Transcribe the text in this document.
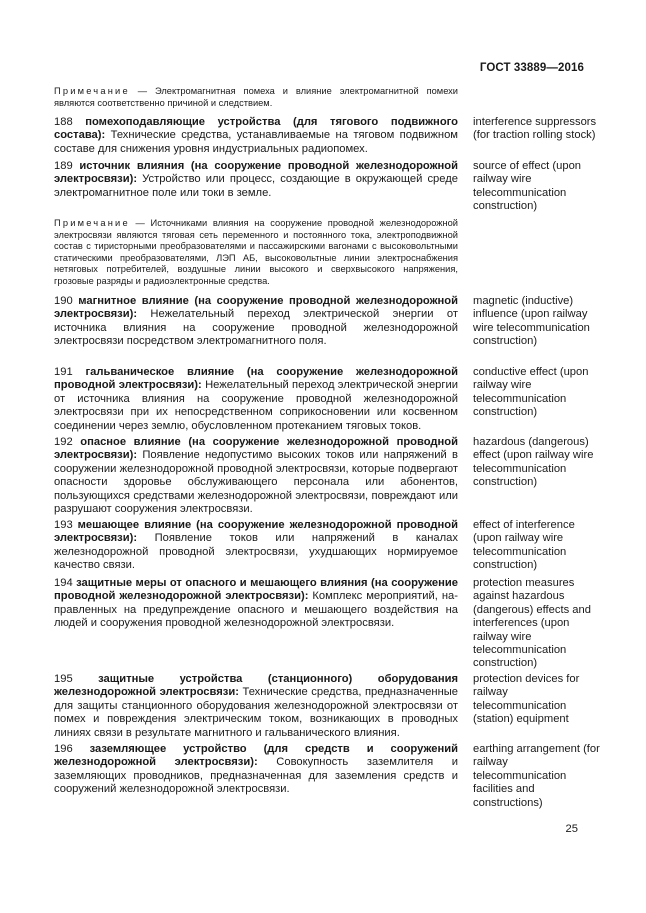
ГОСТ 33889—2016
Примечание — Электромагнитная помеха и влияние электромагнитной помехи являются соответственно причиной и следствием.
188 помехоподавляющие устройства (для тягового подвижного состава): Технические средства, устанавливаемые на тяговом подвижном составе для снижения уровня индустриальных радиопомех.
interference suppressors (for traction rolling stock)
189 источник влияния (на сооружение проводной железнодорожной электросвязи): Устройство или процесс, создающие в окружающей среде электромагнитное поле или токи в земле.
source of effect (upon railway wire telecommunication construction)
Примечание — Источниками влияния на сооружение проводной железнодорожной электросвязи являются тяговая сеть переменного и постоянного тока, электроподвижной состав с тиристорными преобразователями и пассажирскими вагонами с высоковольтными статическими преобразователями, ЛЭП АБ, высоковольтные линии электроснабжения нетяговых потребителей, воздушные линии высокого и сверхвысокого напряжения, грозовые разряды и радиоэлектронные средства.
190 магнитное влияние (на сооружение проводной железнодорожной электросвязи): Нежелательный переход электрической энергии от источника влияния на сооружение проводной железнодорожной электросвязи посредством электромагнитного поля.
magnetic (inductive) influence (upon railway wire telecommunication construction)
191 гальваническое влияние (на сооружение железнодорожной проводной электросвязи): Нежелательный переход электрической энергии от источника влияния на сооружение проводной железнодорожной электросвязи при их непосредственном соприкосновении или косвенном соединении через землю, обусловленном протеканием тяговых токов.
conductive effect (upon railway wire telecommunication construction)
192 опасное влияние (на сооружение железнодорожной проводной электросвязи): Появление недопустимо высоких токов или напряжений в сооружении железнодорожной проводной электросвязи, которые подвергают опасности здоровье обслуживающего персонала или абонентов, пользующихся средствами железнодорожной электросвязи, повреждают или разрушают сооружения электросвязи.
hazardous (dangerous) effect (upon railway wire telecommunication construction)
193 мешающее влияние (на сооружение железнодорожной проводной электросвязи): Появление токов или напряжений в каналах железнодорожной проводной электросвязи, ухудшающих нормируемое качество связи.
effect of interference (upon railway wire telecommunication construction)
194 защитные меры от опасного и мешающего влияния (на сооружение проводной железнодорожной электросвязи): Комплекс мероприятий, направленных на предупреждение опасного и мешающего воздействия на людей и сооружения проводной железнодорожной электросвязи.
protection measures against hazardous (dangerous) effects and interferences (upon railway wire telecommunication construction)
195 защитные устройства (станционного) оборудования железнодорожной электросвязи: Технические средства, предназначенные для защиты станционного оборудования железнодорожной электросвязи от помех и повреждения электрическим током, возникающих в проводных линиях связи в результате магнитного и гальванического влияния.
protection devices for railway telecommunication (station) equipment
196 заземляющее устройство (для средств и сооружений железнодорожной электросвязи): Совокупность заземлителя и заземляющих проводников, предназначенная для заземления средств и сооружений железнодорожной электросвязи.
earthing arrangement (for railway telecommunication facilities and constructions)
25
